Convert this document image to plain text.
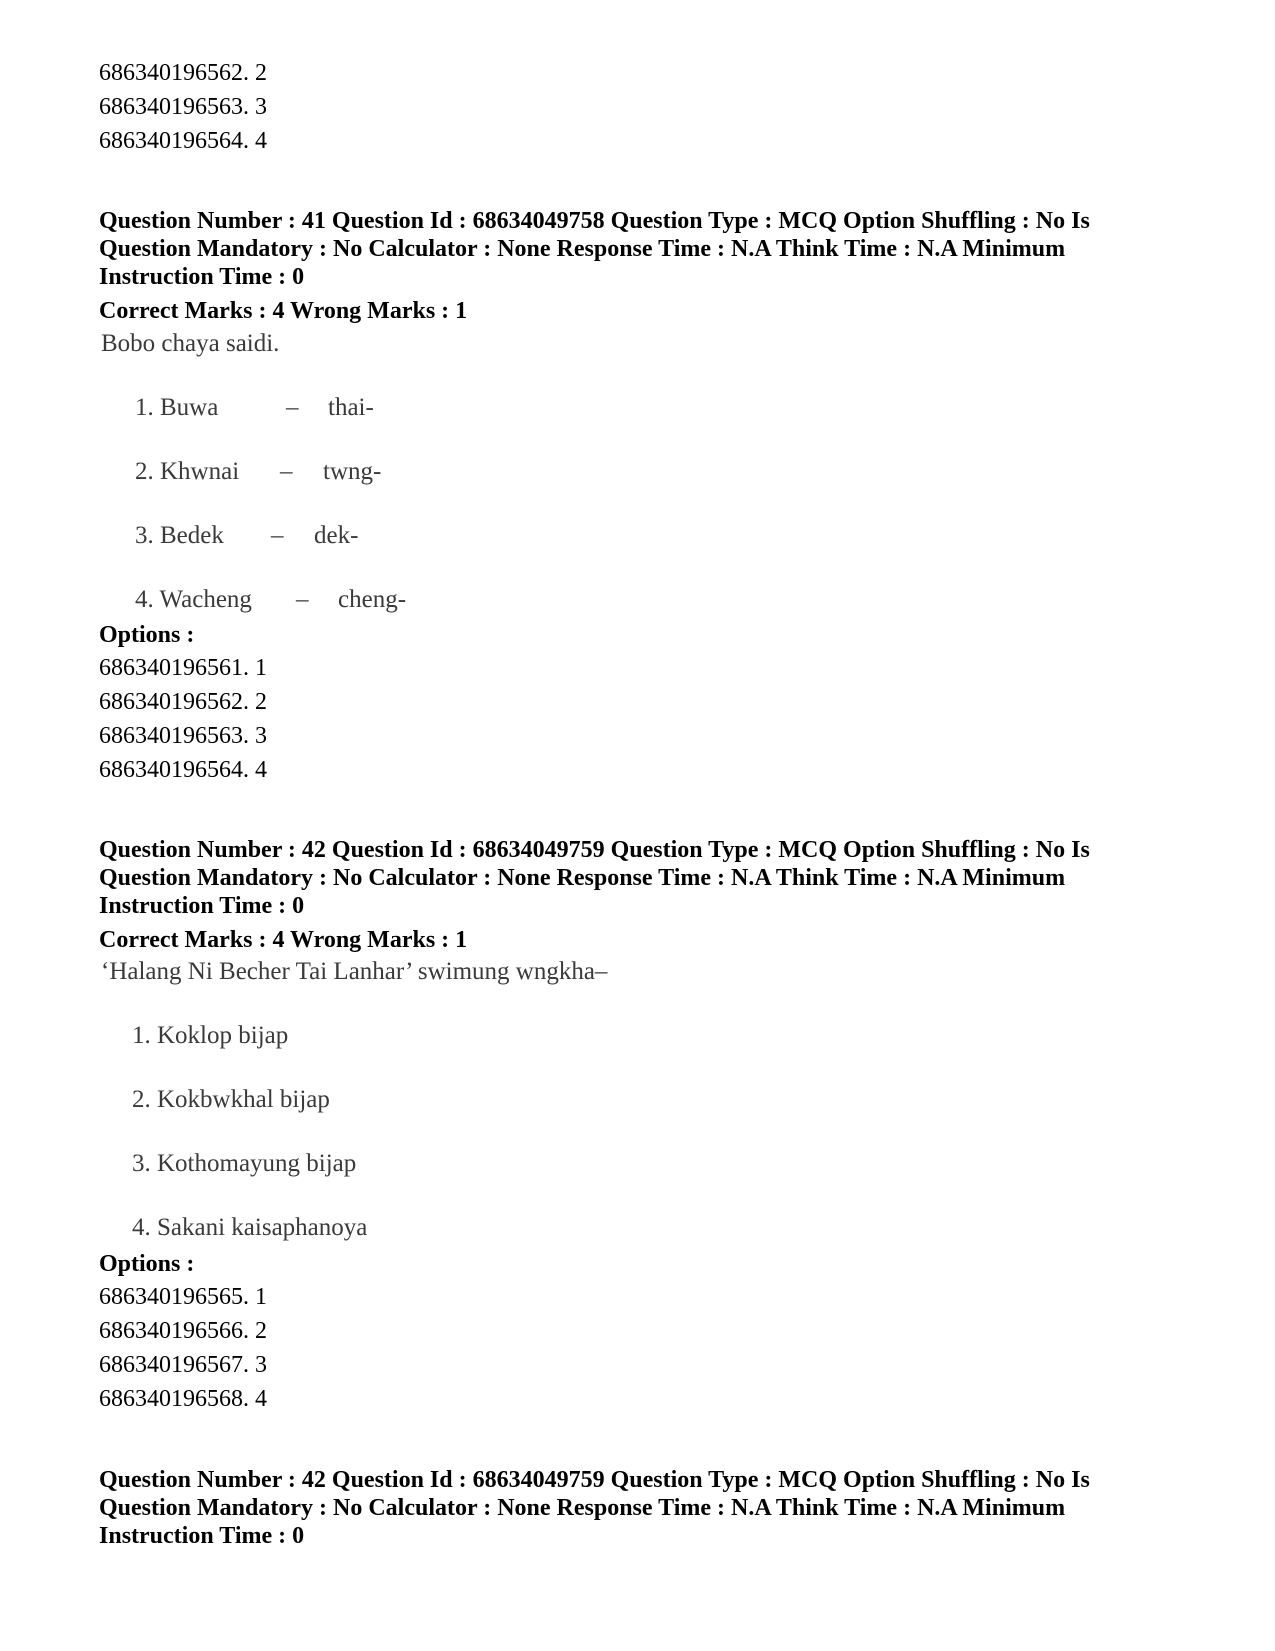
686340196562. 2
686340196563. 3
686340196564. 4
Question Number : 41 Question Id : 68634049758 Question Type : MCQ Option Shuffling : No Is
Question Mandatory : No Calculator : None Response Time : N.A Think Time : N.A Minimum
Instruction Time : 0
Correct Marks : 4 Wrong Marks : 1
Bobo chaya saidi.
1. Buwa	– thai-
2. Khwnai – twng-
3. Bedek – dek-
4. Wacheng – cheng-
Options :
686340196561. 1
686340196562. 2
686340196563. 3
686340196564. 4
Question Number : 42 Question Id : 68634049759 Question Type : MCQ Option Shuffling : No Is
Question Mandatory : No Calculator : None Response Time : N.A Think Time : N.A Minimum
Instruction Time : 0
Correct Marks : 4 Wrong Marks : 1
‘Halang Ni Becher Tai Lanhar’ swimung wngkha–
1. Koklop bijap
2. Kokbwkhal bijap
3. Kothomayung bijap
4. Sakani kaisaphanoya
Options :
686340196565. 1
686340196566. 2
686340196567. 3
686340196568. 4
Question Number : 42 Question Id : 68634049759 Question Type : MCQ Option Shuffling : No Is
Question Mandatory : No Calculator : None Response Time : N.A Think Time : N.A Minimum
Instruction Time : 0
